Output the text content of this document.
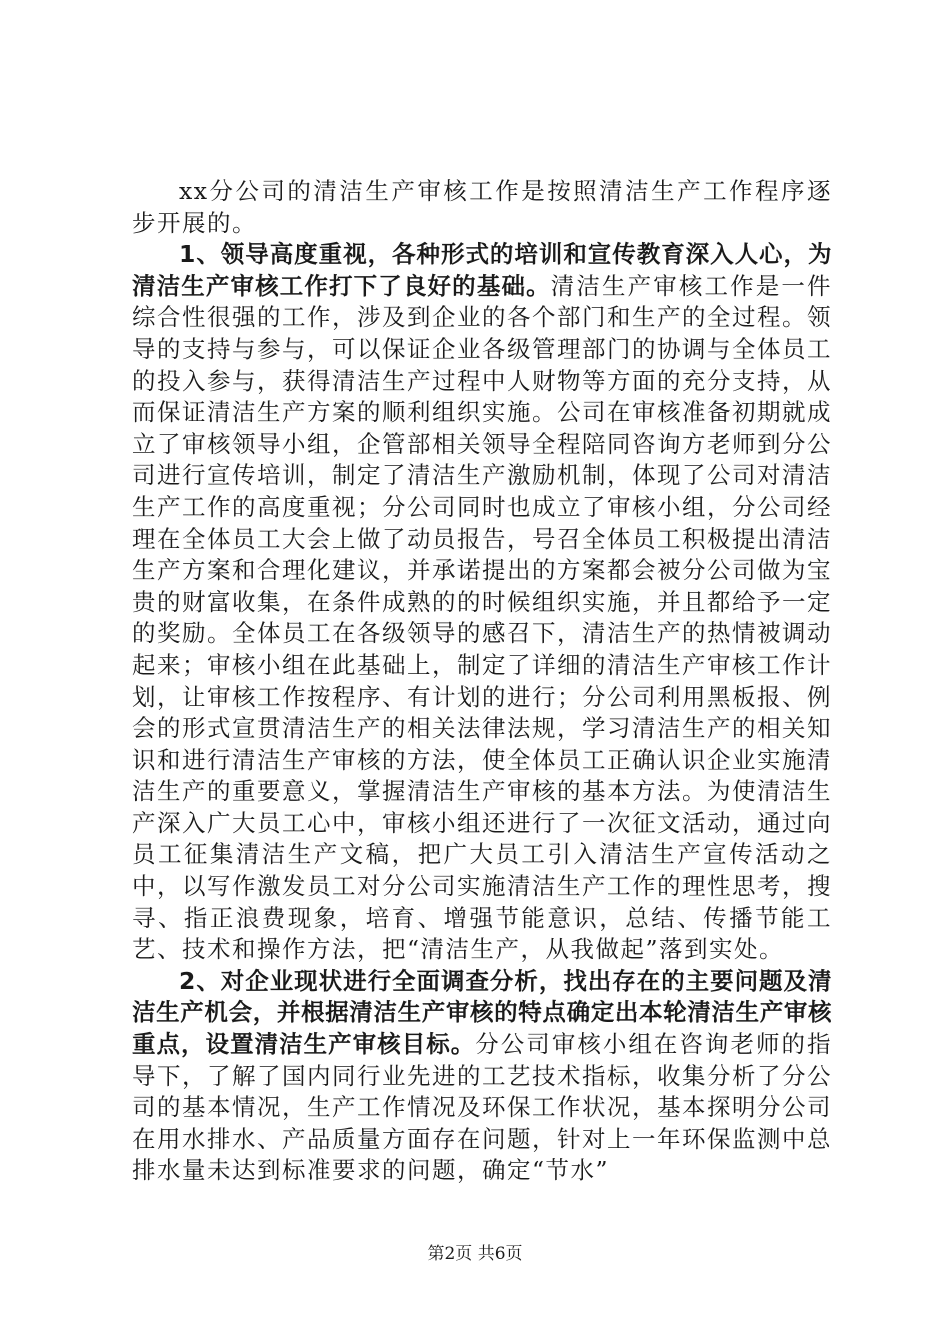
xx分公司的清洁生产审核工作是按照清洁生产工作程序逐步开展的。

1、领导高度重视，各种形式的培训和宣传教育深入人心，为清洁生产审核工作打下了良好的基础。清洁生产审核工作是一件综合性很强的工作，涉及到企业的各个部门和生产的全过程。领导的支持与参与，可以保证企业各级管理部门的协调与全体员工的投入参与，获得清洁生产过程中人财物等方面的充分支持，从而保证清洁生产方案的顺利组织实施。公司在审核准备初期就成立了审核领导小组，企管部相关领导全程陪同咨询方老师到分公司进行宣传培训，制定了清洁生产激励机制，体现了公司对清洁生产工作的高度重视；分公司同时也成立了审核小组，分公司经理在全体员工大会上做了动员报告，号召全体员工积极提出清洁生产方案和合理化建议，并承诺提出的方案都会被分公司做为宝贵的财富收集，在条件成熟的的时候组织实施，并且都给予一定的奖励。全体员工在各级领导的感召下，清洁生产的热情被调动起来；审核小组在此基础上，制定了详细的清洁生产审核工作计划，让审核工作按程序、有计划的进行；分公司利用黑板报、例会的形式宣贯清洁生产的相关法律法规，学习清洁生产的相关知识和进行清洁生产审核的方法，使全体员工正确认识企业实施清洁生产的重要意义，掌握清洁生产审核的基本方法。为使清洁生产深入广大员工心中，审核小组还进行了一次征文活动，通过向员工征集清洁生产文稿，把广大员工引入清洁生产宣传活动之中，以写作激发员工对分公司实施清洁生产工作的理性思考，搜寻、指正浪费现象，培育、增强节能意识，总结、传播节能工艺、技术和操作方法，把“清洁生产，从我做起”落到实处。

2、对企业现状进行全面调查分析，找出存在的主要问题及清洁生产机会，并根据清洁生产审核的特点确定出本轮清洁生产审核重点，设置清洁生产审核目标。分公司审核小组在咨询老师的指导下，了解了国内同行业先进的工艺技术指标，收集分析了分公司的基本情况，生产工作情况及环保工作状况，基本探明分公司在用水排水、产品质量方面存在问题，针对上一年环保监测中总排水量未达到标准要求的问题，确定“节水”

第2页 共6页
